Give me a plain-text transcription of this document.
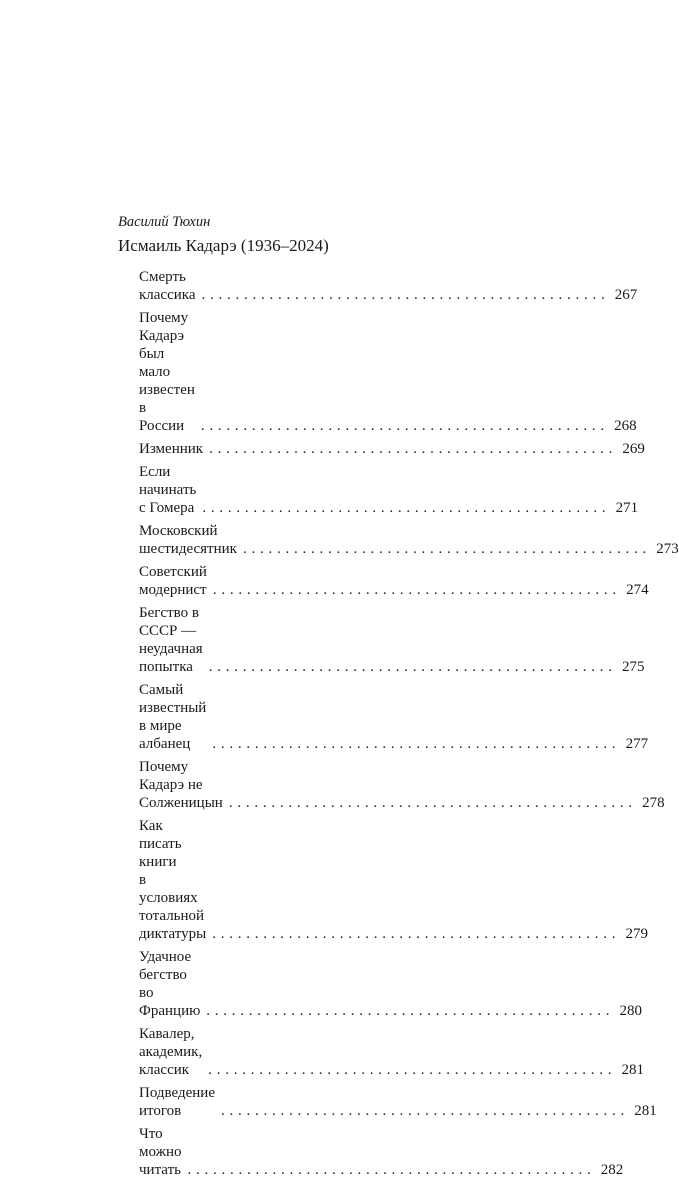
Василий Тюхин
Исмаиль Кадарэ (1936–2024)
Смерть классика . . .	267
Почему Кадарэ
был мало известен в России . . .	268
Изменник . . .	269
Если начинать с Гомера . . .	271
Московский шестидесятник . . .	273
Советский модернист . . .	274
Бегство в СССР — неудачная попытка . . .	275
Самый известный в мире албанец . . .	277
Почему Кадарэ не Солженицын . . .	278
Как писать книги
в условиях тотальной диктатуры . . .	279
Удачное бегство во Францию . . .	280
Кавалер, академик, классик . . .	281
Подведение итогов . . .	281
Что можно читать . . .	282
